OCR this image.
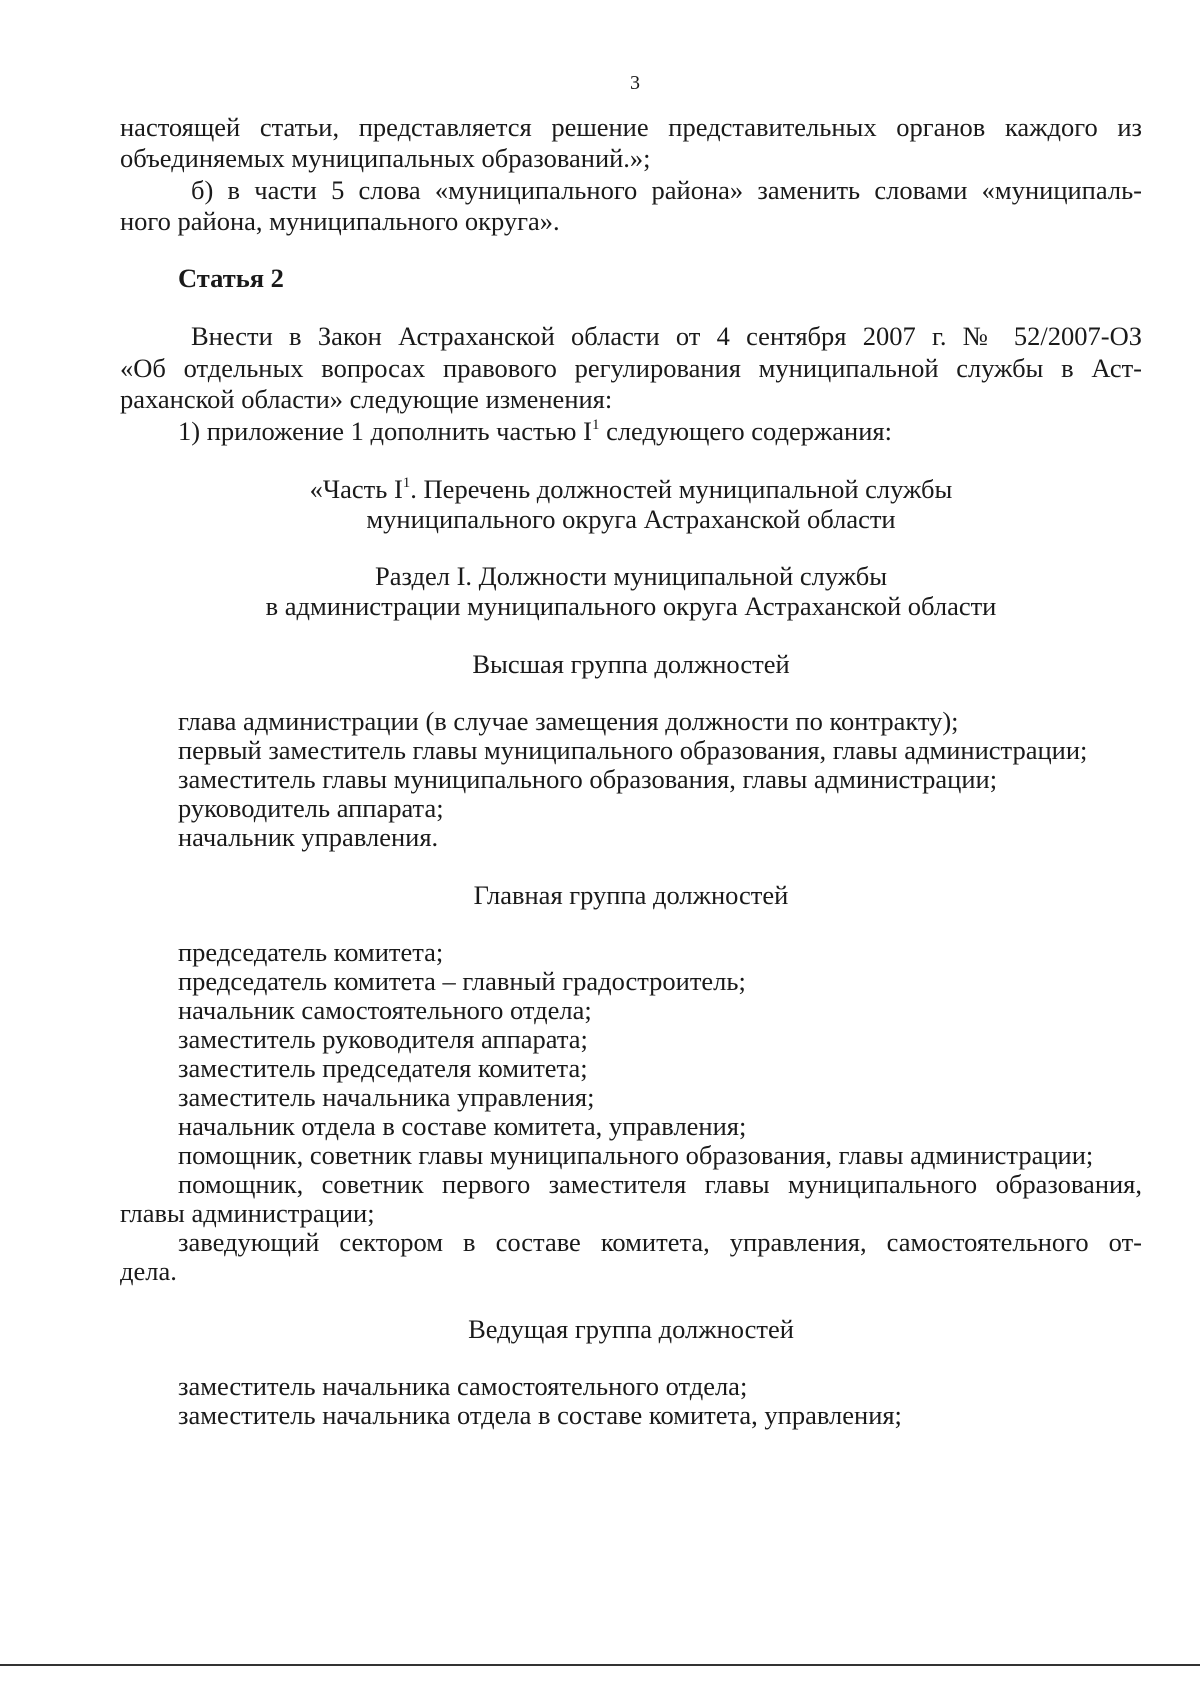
3
настоящей статьи, представляется решение представительных органов каждого из
объединяемых муниципальных образований.»;
б) в части 5 слова «муниципального района» заменить словами «муниципаль-
ного района, муниципального округа».
Статья 2
Внести в Закон Астраханской области от 4 сентября 2007 г. № 52/2007-ОЗ
«Об отдельных вопросах правового регулирования муниципальной службы в Аст-
раханской области» следующие изменения:
1) приложение 1 дополнить частью $I^1$ следующего содержания:
«Часть $I^1$. Перечень должностей муниципальной службы
муниципального округа Астраханской области
Раздел I. Должности муниципальной службы
в администрации муниципального округа Астраханской области
Высшая группа должностей
глава администрации (в случае замещения должности по контракту);
первый заместитель главы муниципального образования, главы администрации;
заместитель главы муниципального образования, главы администрации;
руководитель аппарата;
начальник управления.
Главная группа должностей
председатель комитета;
председатель комитета – главный градостроитель;
начальник самостоятельного отдела;
заместитель руководителя аппарата;
заместитель председателя комитета;
заместитель начальника управления;
начальник отдела в составе комитета, управления;
помощник, советник главы муниципального образования, главы администрации;
помощник, советник первого заместителя главы муниципального образования,
главы администрации;
заведующий сектором в составе комитета, управления, самостоятельного от-
дела.
Ведущая группа должностей
заместитель начальника самостоятельного отдела;
заместитель начальника отдела в составе комитета, управления;
